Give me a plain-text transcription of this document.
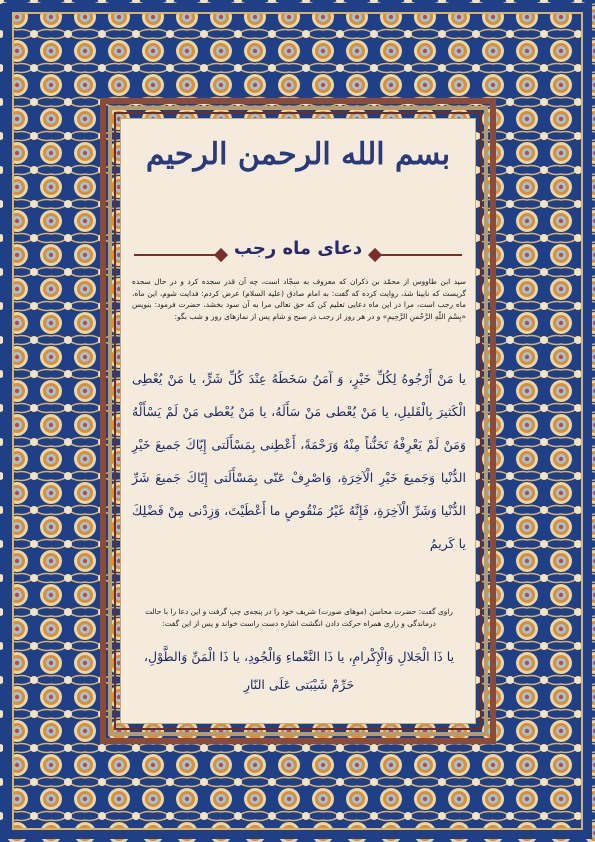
بسم الله الرحمن الرحيم
دعای ماه رجب
سید ابن طاووس از محمّد بن ذکران که معروف به سجّاد است، چه آن قدر سجده کرد و در حال سجده گریست که نابینا شد، روایت کرده که گفت: به امام صادق (علیه السلام) عرض کردم: فدایت شوم، این ماه، ماه رجب است، مرا در این ماه دعایی تعلیم کن که حق تعالی مرا به آن سود بخشد، حضرت فرمود: بنویس «بِسْمِ اللّهِ الرَّحْمنِ الرَّحِیمِ» و در هر روز از رجب در صبح و شام پس از نمازهای روز و شب بگو:
یا مَنْ أَرْجُوهُ لِكُلِّ خَیْرٍ، وَ آمَنُ سَخَطَهُ عِنْدَ كُلِّ شَرٍّ، یا مَنْ یُعْطِی الْكَثیرَ بِالْقَلیلِ، یا مَنْ یُعْطی مَنْ سَأَلَهُ، یا مَنْ یُعْطی مَنْ لَمْ یَسْأَلْهُ وَمَنْ لَمْ یَعْرِفْهُ تَحَنُّناً مِنْهُ وَرَحْمَةً، أَعْطِنی بِمَسْأَلَتی إِیّاكَ جَمیعَ خَیْرِ الدُّنْیا وَجَمیعَ خَیْرِ الْآخِرَةِ، وَاصْرِفْ عَنّی بِمَسْأَلَتی إِیّاكَ جَمیعَ شَرِّ الدُّنْیا وَشَرِّ الْآخِرَةِ، فَإِنَّهُ غَیْرُ مَنْقُوصٍ ما أَعْطَیْتَ، وَزِدْنی مِنْ فَضْلِكَ یا كَریمُ
راوی گفت: حضرت محاسن (موهای صورت) شریف خود را در پنجه‌ی چپ گرفت و این دعا را با حالت درماندگی و زاری همراه حرکت دادن انگشت اشاره دست راست خواند و پس از این گفت:
یا ذَا الْجَلالِ وَالْإِكْرامِ، یا ذَا النَّعْماءِ وَالْجُودِ، یا ذَا الْمَنِّ وَالطَّوْلِ، حَرِّمْ شَیْبَتی عَلَی النّارِ
